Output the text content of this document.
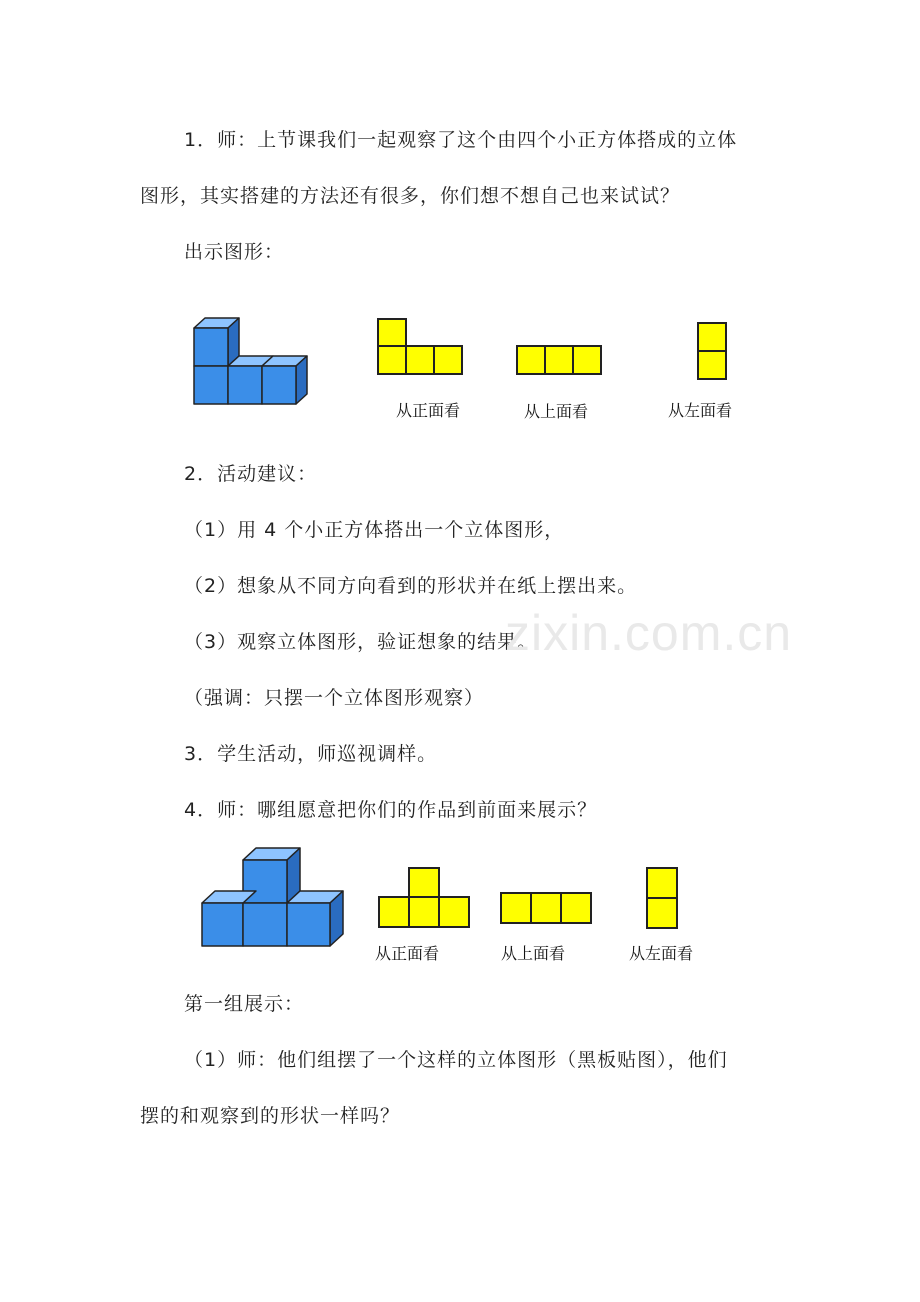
1．师：上节课我们一起观察了这个由四个小正方体搭成的立体
图形，其实搭建的方法还有很多，你们想不想自己也来试试？
出示图形：
2．活动建议：
（1）用 4 个小正方体搭出一个立体图形，
（2）想象从不同方向看到的形状并在纸上摆出来。
（3）观察立体图形，验证想象的结果。
（强调：只摆一个立体图形观察）
3．学生活动，师巡视调样。
4．师：哪组愿意把你们的作品到前面来展示？
第一组展示：
（1）师：他们组摆了一个这样的立体图形（黑板贴图），他们
摆的和观察到的形状一样吗？
zixin.com.cn
从正面看	从上面看	从左面看
从正面看	从上面看	从左面看
